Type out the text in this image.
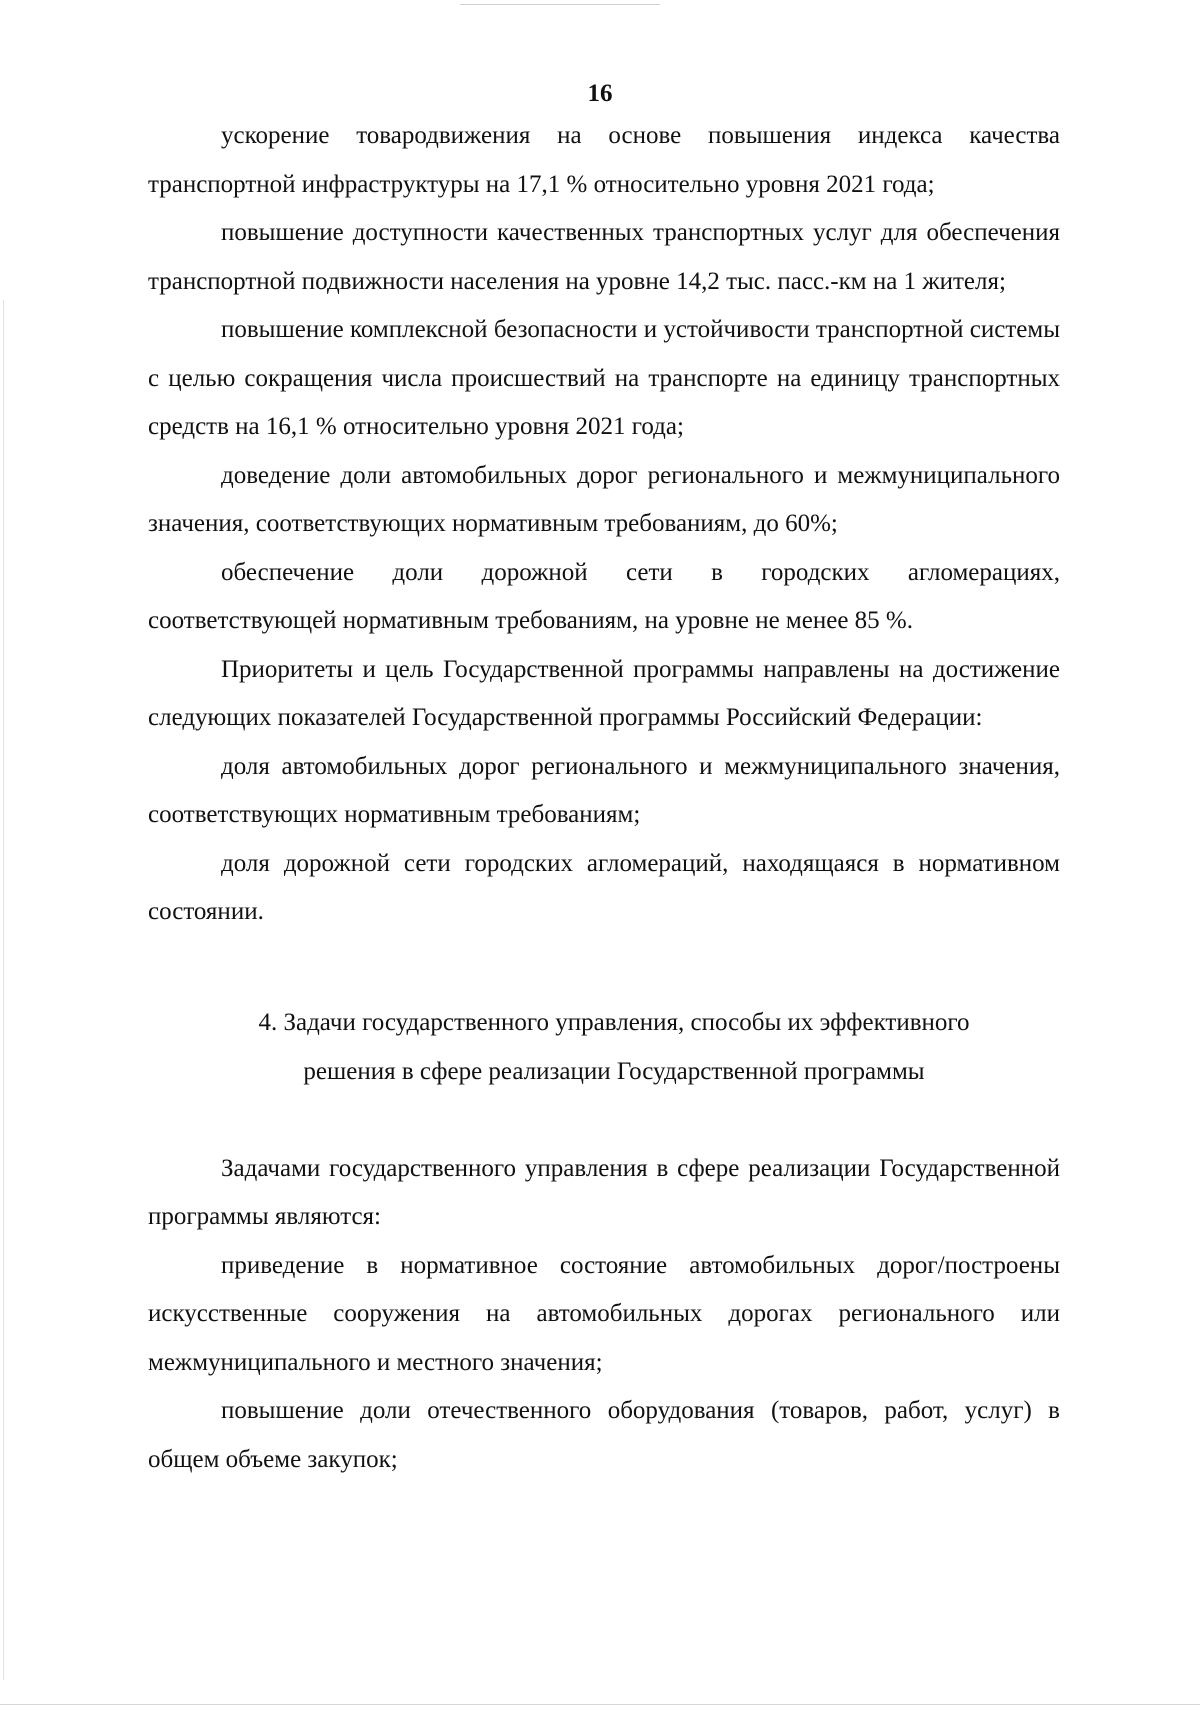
16

ускорение товародвижения на основе повышения индекса качества транспортной инфраструктуры на 17,1 % относительно уровня 2021 года;

повышение доступности качественных транспортных услуг для обеспечения транспортной подвижности населения на уровне 14,2 тыс. пасс.-км на 1 жителя;

повышение комплексной безопасности и устойчивости транспортной системы с целью сокращения числа происшествий на транспорте на единицу транспортных средств на 16,1 % относительно уровня 2021 года;

доведение доли автомобильных дорог регионального и межмуниципального значения, соответствующих нормативным требованиям, до 60%;

обеспечение доли дорожной сети в городских агломерациях, соответствующей нормативным требованиям, на уровне не менее 85 %.

Приоритеты и цель Государственной программы направлены на достижение следующих показателей Государственной программы Российский Федерации:

доля автомобильных дорог регионального и межмуниципального значения, соответствующих нормативным требованиям;

доля дорожной сети городских агломераций, находящаяся в нормативном состоянии.

4. Задачи государственного управления, способы их эффективного
решения в сфере реализации Государственной программы

Задачами государственного управления в сфере реализации Государственной программы являются:

приведение в нормативное состояние автомобильных дорог/построены искусственные сооружения на автомобильных дорогах регионального или межмуниципального и местного значения;

повышение доли отечественного оборудования (товаров, работ, услуг) в общем объеме закупок;
